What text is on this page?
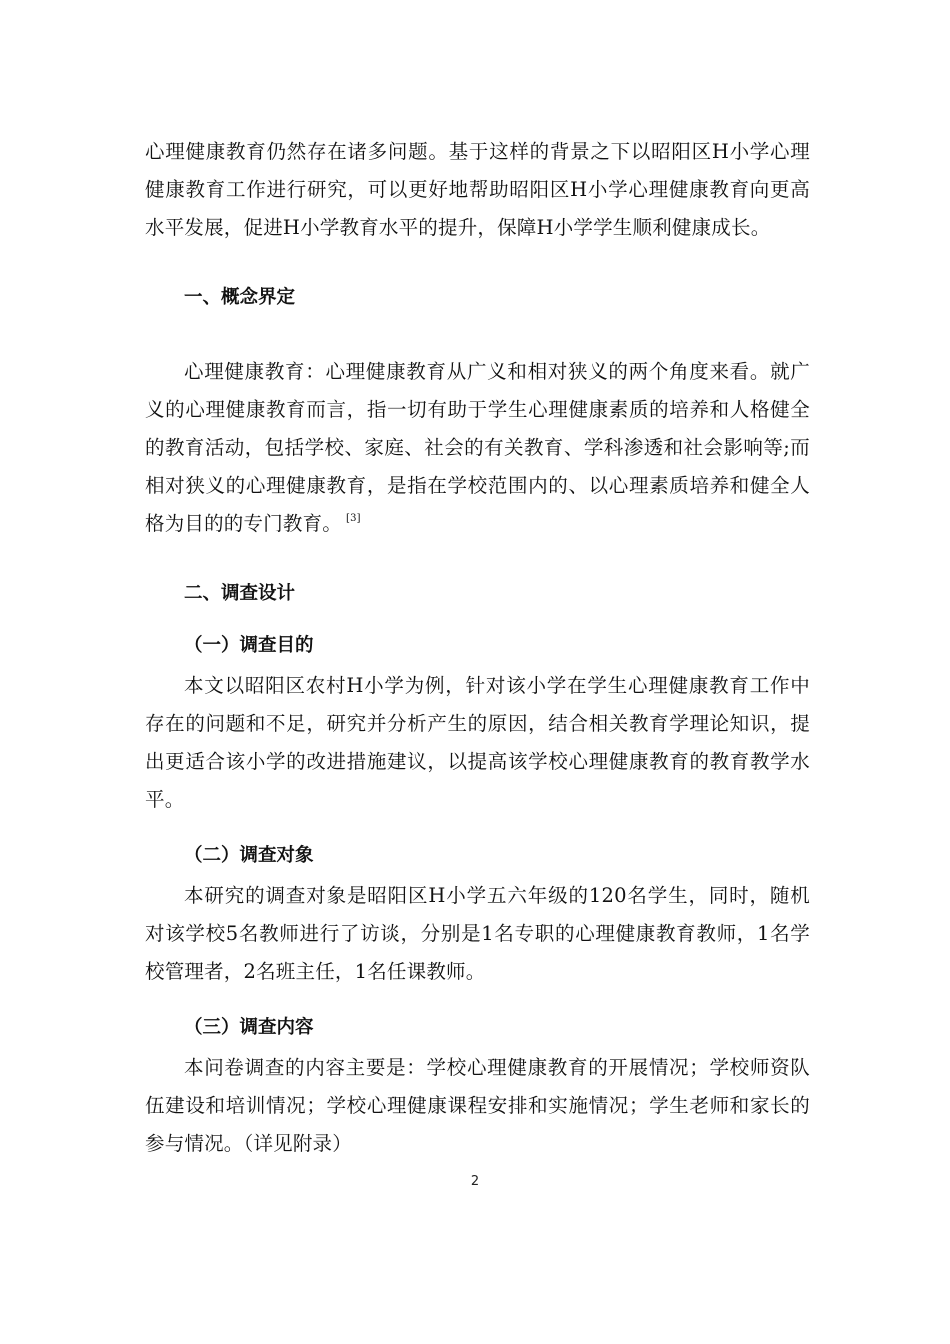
心理健康教育仍然存在诸多问题。基于这样的背景之下以昭阳区H小学心理健康教育工作进行研究，可以更好地帮助昭阳区H小学心理健康教育向更高水平发展，促进H小学教育水平的提升，保障H小学学生顺利健康成长。

一、概念界定

心理健康教育：心理健康教育从广义和相对狭义的两个角度来看。就广义的心理健康教育而言，指一切有助于学生心理健康素质的培养和人格健全的教育活动，包括学校、家庭、社会的有关教育、学科渗透和社会影响等;而相对狭义的心理健康教育，是指在学校范围内的、以心理素质培养和健全人格为目的的专门教育。 [3]

二、调查设计
（一）调查目的

本文以昭阳区农村H小学为例，针对该小学在学生心理健康教育工作中存在的问题和不足，研究并分析产生的原因，结合相关教育学理论知识，提出更适合该小学的改进措施建议，以提高该学校心理健康教育的教育教学水平。

（二）调查对象

本研究的调查对象是昭阳区H小学五六年级的120名学生，同时，随机对该学校5名教师进行了访谈，分别是1名专职的心理健康教育教师，1名学校管理者，2名班主任，1名任课教师。

（三）调查内容

本问卷调查的内容主要是：学校心理健康教育的开展情况；学校师资队伍建设和培训情况；学校心理健康课程安排和实施情况；学生老师和家长的参与情况。（详见附录）

2
